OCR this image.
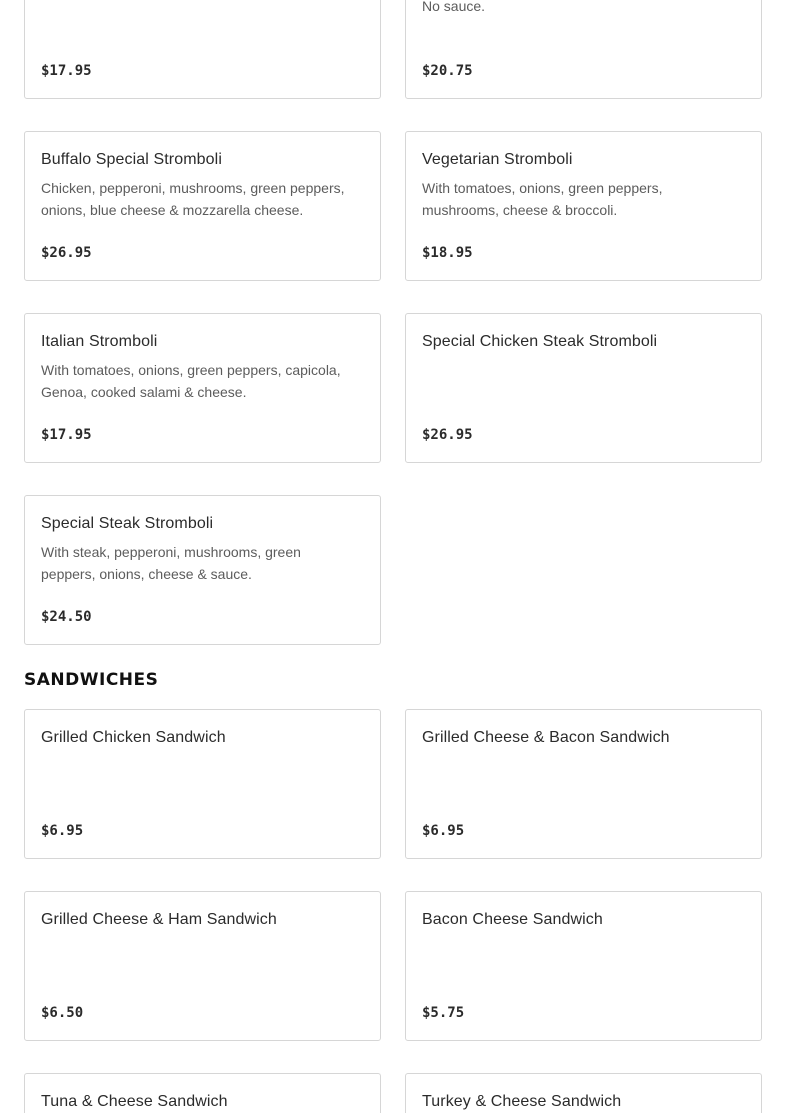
$17.95
No sauce.
$20.75
Buffalo Special Stromboli
Chicken, pepperoni, mushrooms, green peppers, onions, blue cheese & mozzarella cheese.
$26.95
Vegetarian Stromboli
With tomatoes, onions, green peppers, mushrooms, cheese & broccoli.
$18.95
Italian Stromboli
With tomatoes, onions, green peppers, capicola, Genoa, cooked salami & cheese.
$17.95
Special Chicken Steak Stromboli
$26.95
Special Steak Stromboli
With steak, pepperoni, mushrooms, green peppers, onions, cheese & sauce.
$24.50
SANDWICHES
Grilled Chicken Sandwich
$6.95
Grilled Cheese & Bacon Sandwich
$6.95
Grilled Cheese & Ham Sandwich
$6.50
Bacon Cheese Sandwich
$5.75
Tuna & Cheese Sandwich	Turkey & Cheese Sandwich
